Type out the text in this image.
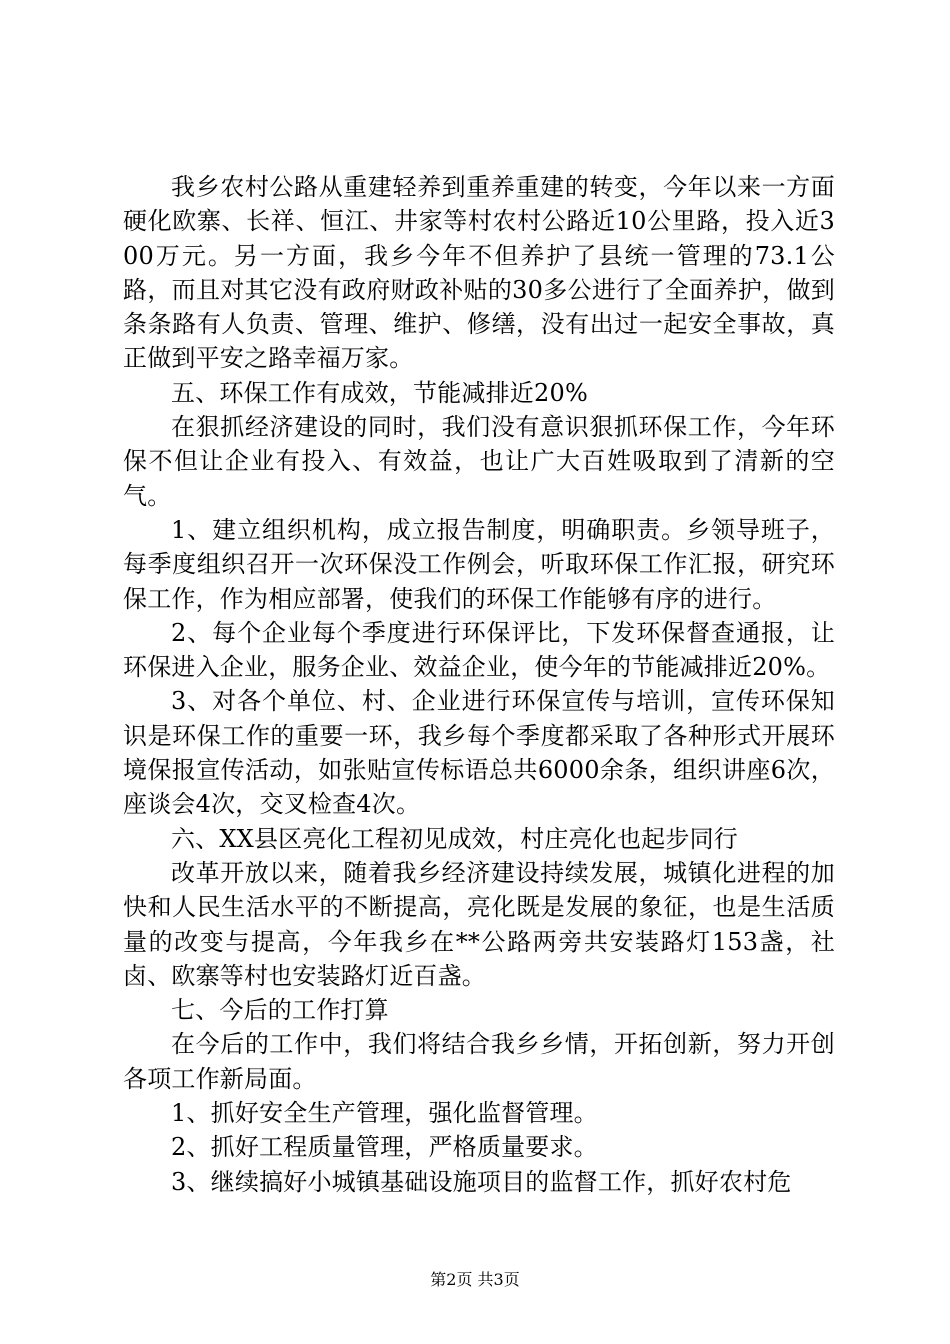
我乡农村公路从重建轻养到重养重建的转变，今年以来一方面硬化欧寨、长祥、恒江、井家等村农村公路近10公里路，投入近300万元。另一方面，我乡今年不但养护了县统一管理的73.1公路，而且对其它没有政府财政补贴的30多公进行了全面养护，做到条条路有人负责、管理、维护、修缮，没有出过一起安全事故，真正做到平安之路幸福万家。

五、环保工作有成效，节能减排近20%

在狠抓经济建设的同时，我们没有意识狠抓环保工作，今年环保不但让企业有投入、有效益，也让广大百姓吸取到了清新的空气。

1、建立组织机构，成立报告制度，明确职责。乡领导班子，每季度组织召开一次环保没工作例会，听取环保工作汇报，研究环保工作，作为相应部署，使我们的环保工作能够有序的进行。

2、每个企业每个季度进行环保评比，下发环保督查通报，让环保进入企业，服务企业、效益企业，使今年的节能减排近20%。

3、对各个单位、村、企业进行环保宣传与培训，宣传环保知识是环保工作的重要一环，我乡每个季度都采取了各种形式开展环境保报宣传活动，如张贴宣传标语总共6000余条，组织讲座6次，座谈会4次，交叉检查4次。

六、XX县区亮化工程初见成效，村庄亮化也起步同行

改革开放以来，随着我乡经济建设持续发展，城镇化进程的加快和人民生活水平的不断提高，亮化既是发展的象征，也是生活质量的改变与提高，今年我乡在**公路两旁共安装路灯153盏，社卤、欧寨等村也安装路灯近百盏。

七、今后的工作打算

在今后的工作中，我们将结合我乡乡情，开拓创新，努力开创各项工作新局面。

1、抓好安全生产管理，强化监督管理。

2、抓好工程质量管理，严格质量要求。

3、继续搞好小城镇基础设施项目的监督工作，抓好农村危

第2页 共3页
